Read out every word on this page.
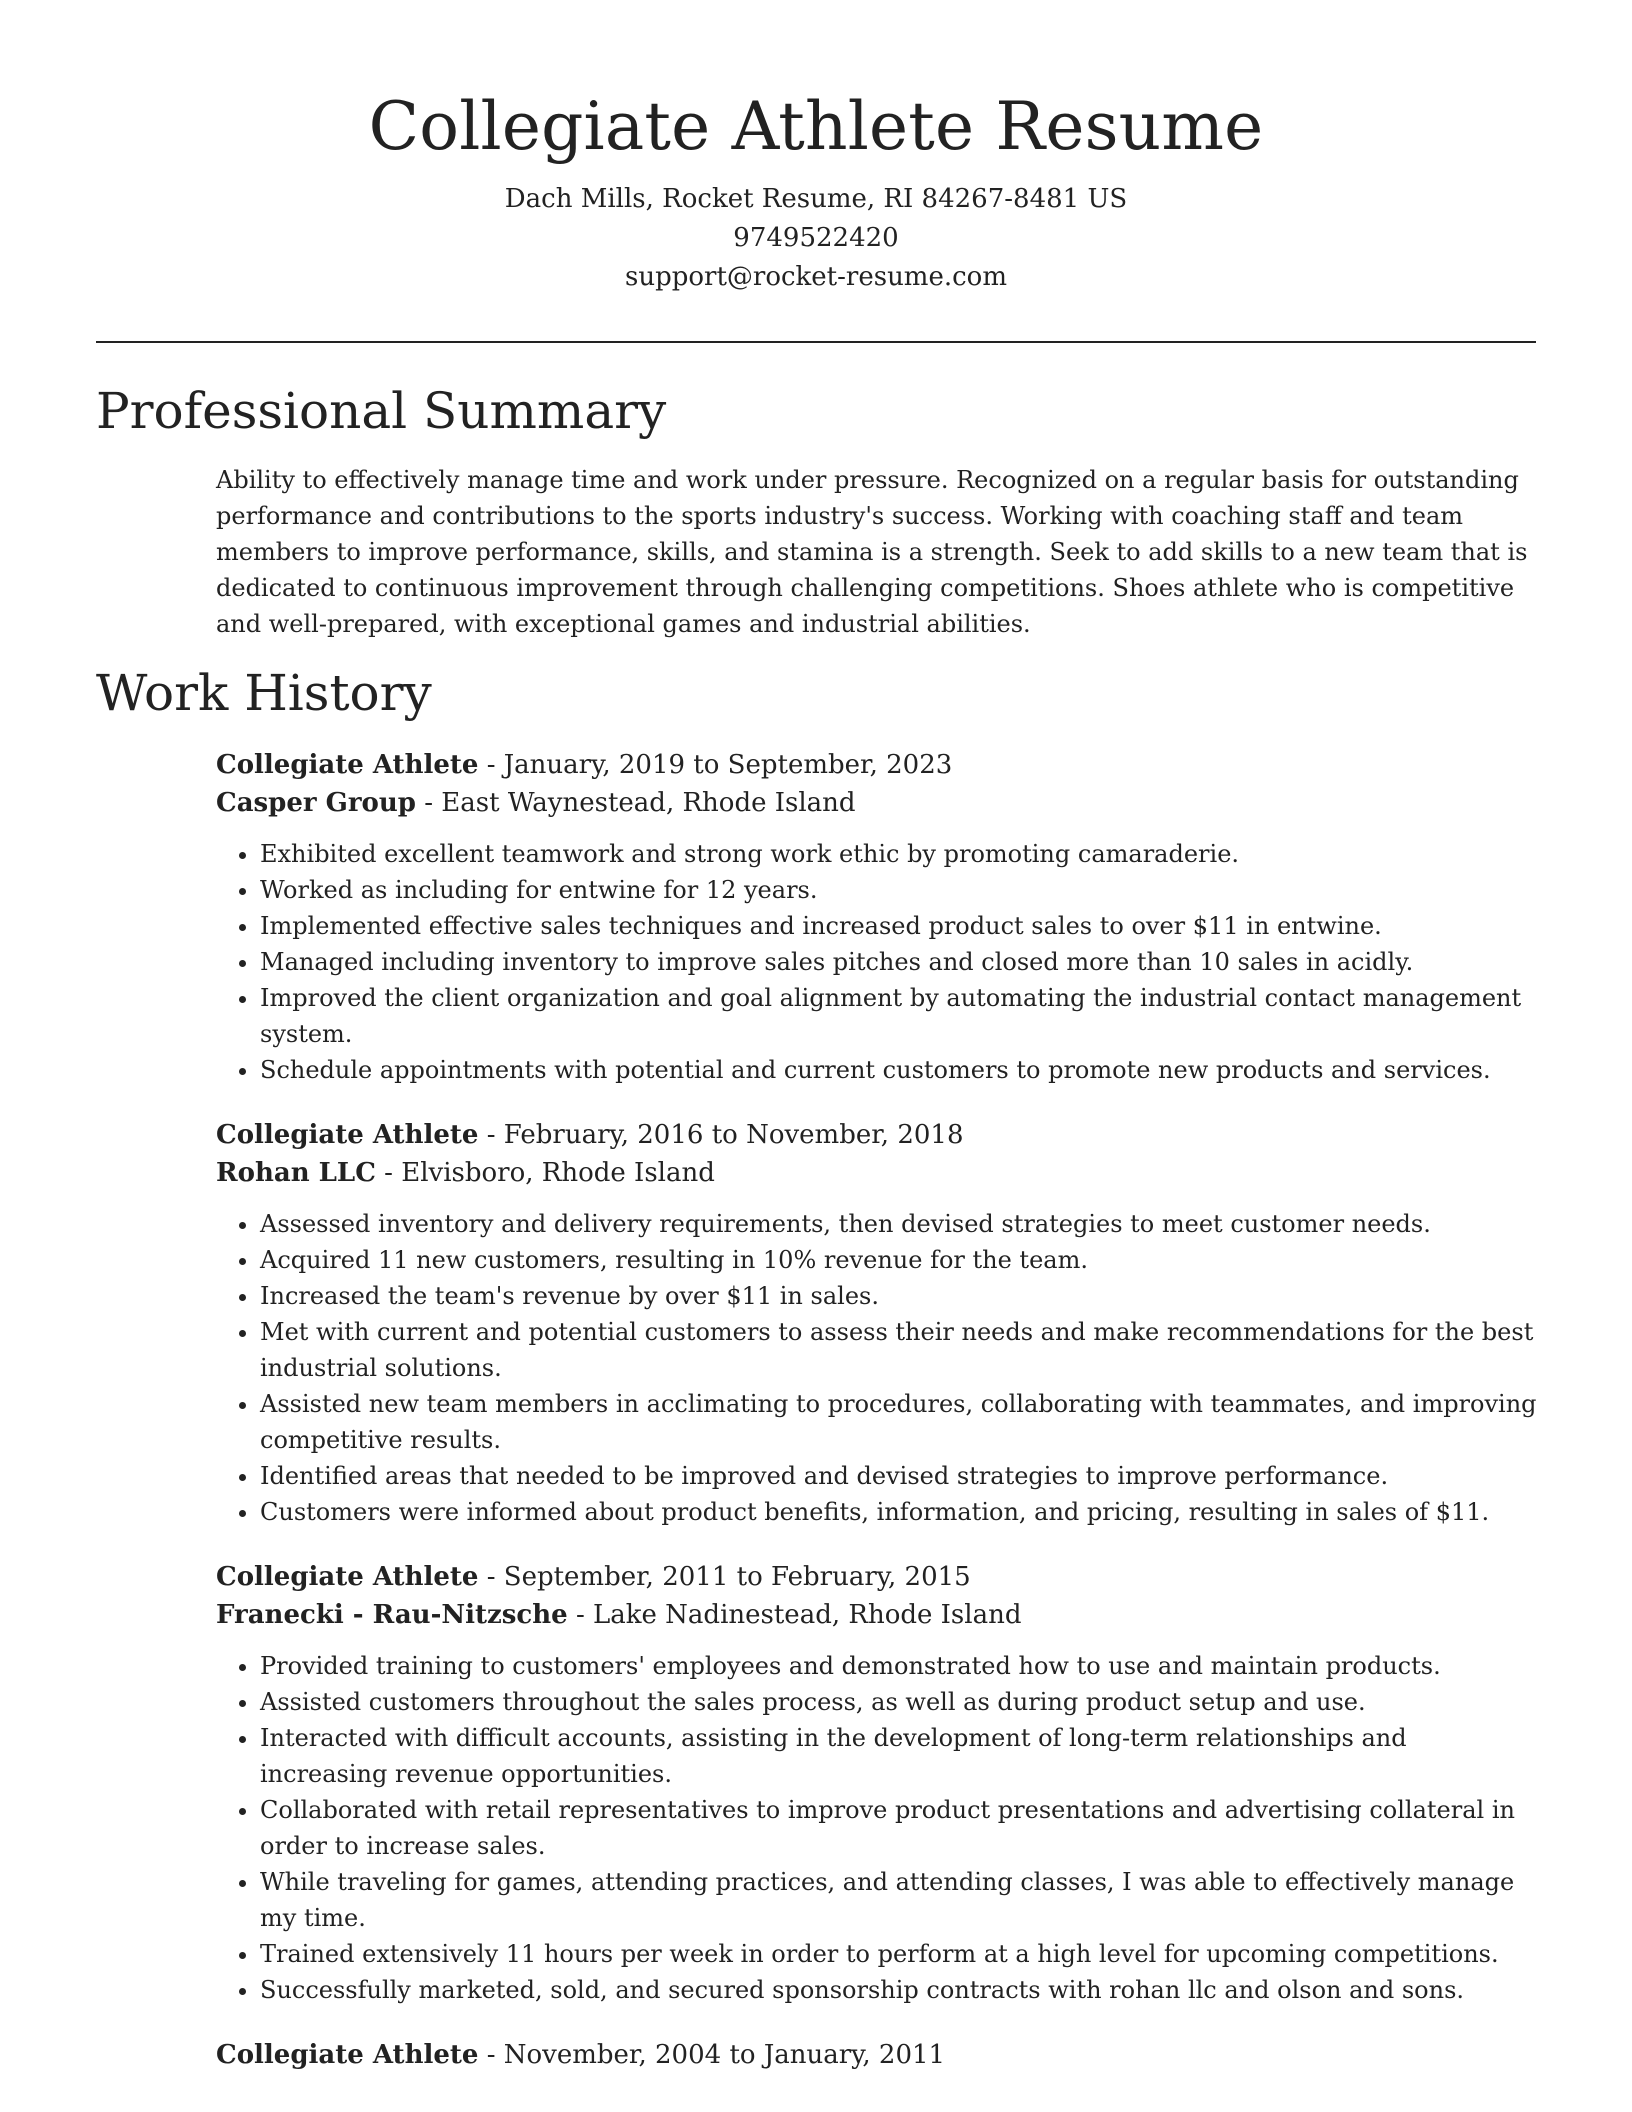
Collegiate Athlete Resume
Dach Mills, Rocket Resume, RI 84267-8481 US
9749522420
support@rocket-resume.com
Professional Summary

Ability to effectively manage time and work under pressure. Recognized on a regular basis for outstanding performance and contributions to the sports industry's success. Working with coaching staff and team members to improve performance, skills, and stamina is a strength. Seek to add skills to a new team that is dedicated to continuous improvement through challenging competitions. Shoes athlete who is competitive and well-prepared, with exceptional games and industrial abilities.

Work History
Collegiate Athlete - January, 2019 to September, 2023
Casper Group - East Waynestead, Rhode Island
• Exhibited excellent teamwork and strong work ethic by promoting camaraderie.
• Worked as including for entwine for 12 years.
• Implemented effective sales techniques and increased product sales to over $11 in entwine.
• Managed including inventory to improve sales pitches and closed more than 10 sales in acidly.
• Improved the client organization and goal alignment by automating the industrial contact management system.
• Schedule appointments with potential and current customers to promote new products and services.
Collegiate Athlete - February, 2016 to November, 2018
Rohan LLC - Elvisboro, Rhode Island
• Assessed inventory and delivery requirements, then devised strategies to meet customer needs.
• Acquired 11 new customers, resulting in 10% revenue for the team.
• Increased the team's revenue by over $11 in sales.
• Met with current and potential customers to assess their needs and make recommendations for the best industrial solutions.
• Assisted new team members in acclimating to procedures, collaborating with teammates, and improving competitive results.
• Identified areas that needed to be improved and devised strategies to improve performance.
• Customers were informed about product benefits, information, and pricing, resulting in sales of $11.
Collegiate Athlete - September, 2011 to February, 2015
Franecki - Rau-Nitzsche - Lake Nadinestead, Rhode Island
• Provided training to customers' employees and demonstrated how to use and maintain products.
• Assisted customers throughout the sales process, as well as during product setup and use.
• Interacted with difficult accounts, assisting in the development of long-term relationships and increasing revenue opportunities.
• Collaborated with retail representatives to improve product presentations and advertising collateral in order to increase sales.
• While traveling for games, attending practices, and attending classes, I was able to effectively manage my time.
• Trained extensively 11 hours per week in order to perform at a high level for upcoming competitions.
• Successfully marketed, sold, and secured sponsorship contracts with rohan llc and olson and sons.
Collegiate Athlete - November, 2004 to January, 2011
